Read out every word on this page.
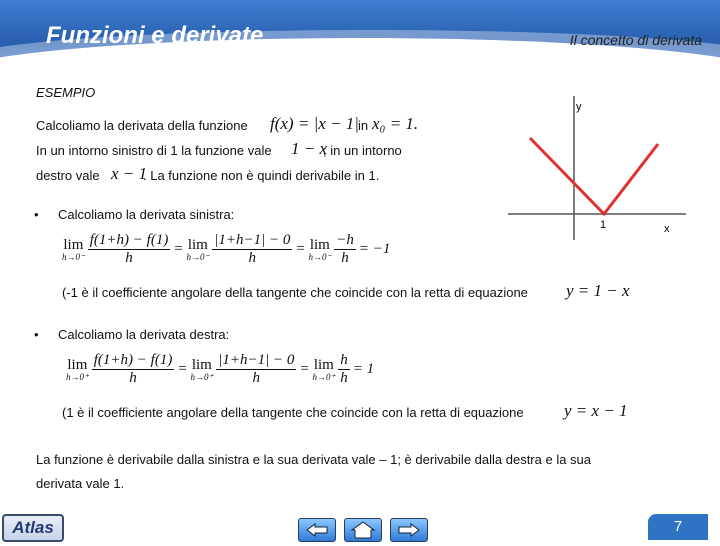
Funzioni e derivate	Il concetto di derivata
ESEMPIO
Calcoliamo la derivata della funzione f(x) = |x − 1| in x₀ = 1.
In un intorno sinistro di 1 la funzione vale 1 − x
; in un intorno
destro vale x − 1
. La funzione non è quindi derivabile in 1.
• Calcoliamo la derivata sinistra:
lim
$h\to 0^- \frac{f(1+h) - f(1)}{h} = \lim$
$h\to 0^- \frac{|1+h-1| - 0}{h} = \lim$
$h\to 0^- \frac{-h}{h} = -1$
(-1 è il coefficiente angolare della tangente che coincide con la retta di equazione y = 1 − x
• Calcoliamo la derivata destra:
lim
$h\to 0^+ \frac{f(1+h) - f(1)}{h} = \lim$
$h\to 0^+ \frac{|1+h-1| - 0}{h} = \lim$
$h\to 0^+ \frac{h}{h} = 1$
(1 è il coefficiente angolare della tangente che coincide con la retta di equazione y = x − 1
La funzione è derivabile dalla sinistra e la sua derivata vale – 1; è derivabile dalla destra e la sua
derivata vale 1.
y
x
1
Atlas	7
